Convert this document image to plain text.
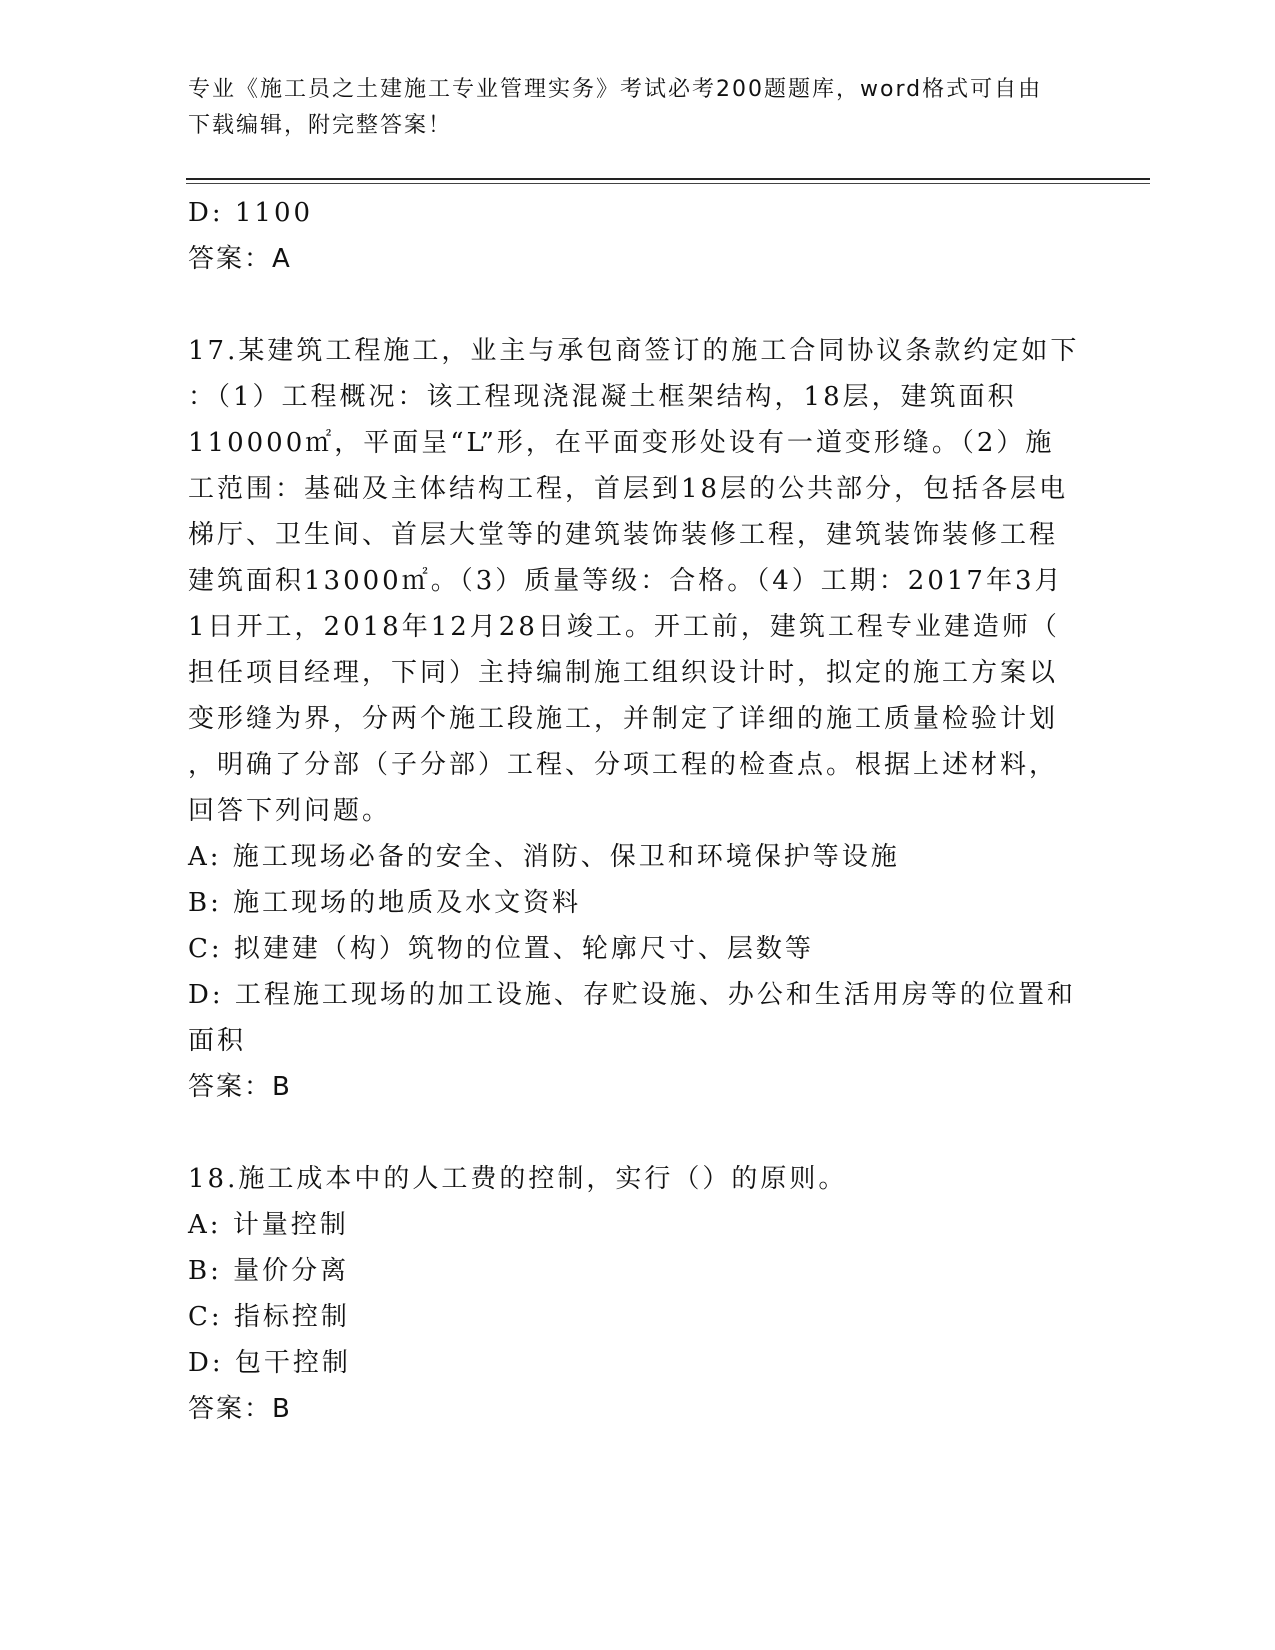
专业《施工员之土建施工专业管理实务》考试必考200题题库，word格式可自由
下载编辑，附完整答案！

D: 1100

答案：A

17.某建筑工程施工，业主与承包商签订的施工合同协议条款约定如下

：（1）工程概况：该工程现浇混凝土框架结构，18层，建筑面积

110000㎡，平面呈“L”形，在平面变形处设有一道变形缝。（2）施

工范围：基础及主体结构工程，首层到18层的公共部分，包括各层电

梯厅、卫生间、首层大堂等的建筑装饰装修工程，建筑装饰装修工程

建筑面积13000㎡。（3）质量等级：合格。（4）工期：2017年3月

1日开工，2018年12月28日竣工。开工前，建筑工程专业建造师（

担任项目经理，下同）主持编制施工组织设计时，拟定的施工方案以

变形缝为界，分两个施工段施工，并制定了详细的施工质量检验计划

，明确了分部（子分部）工程、分项工程的检查点。根据上述材料，

回答下列问题。

A: 施工现场必备的安全、消防、保卫和环境保护等设施

B: 施工现场的地质及水文资料

C: 拟建建（构）筑物的位置、轮廓尺寸、层数等

D: 工程施工现场的加工设施、存贮设施、办公和生活用房等的位置和

面积

答案：B

18.施工成本中的人工费的控制，实行（）的原则。

A: 计量控制

B: 量价分离

C: 指标控制

D: 包干控制

答案：B
